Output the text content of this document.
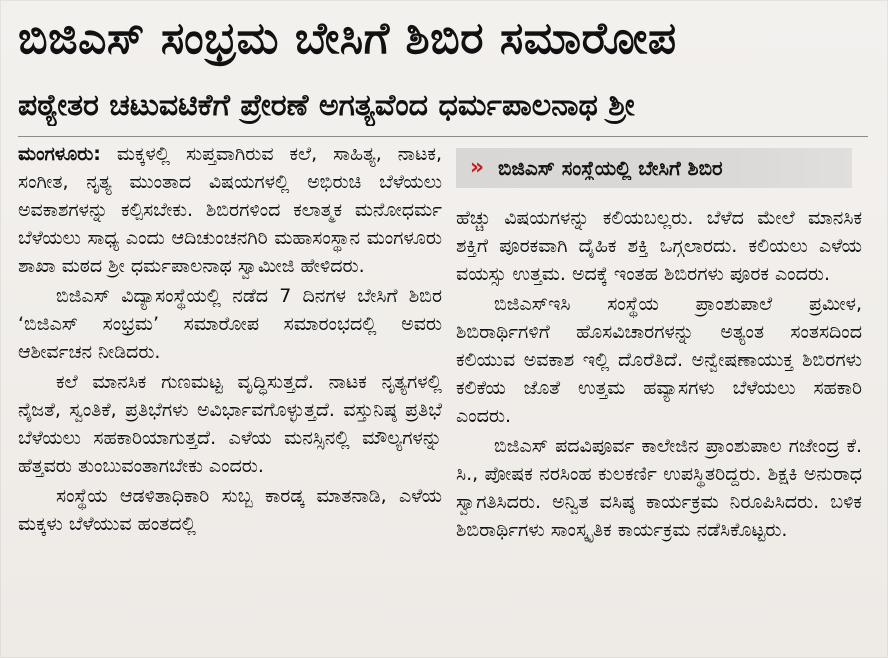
ಬಿಜಿಎಸ್ ಸಂಭ್ರಮ ಬೇಸಿಗೆ ಶಿಬಿರ ಸಮಾರೋಪ
ಪಠ್ಯೇತರ ಚಟುವಟಿಕೆಗೆ ಪ್ರೇರಣೆ ಅಗತ್ಯವೆಂದ ಧರ್ಮಪಾಲನಾಥ ಶ್ರೀ

ಮಂಗಳೂರು: ಮಕ್ಕಳಲ್ಲಿ ಸುಪ್ತವಾಗಿರುವ ಕಲೆ, ಸಾಹಿತ್ಯ, ನಾಟಕ, ಸಂಗೀತ, ನೃತ್ಯ ಮುಂತಾದ ವಿಷಯಗಳಲ್ಲಿ ಅಭಿರುಚಿ ಬೆಳೆಯಲು ಅವಕಾಶಗಳನ್ನು ಕಲ್ಪಿಸಬೇಕು. ಶಿಬಿರಗಳಿಂದ ಕಲಾತ್ಮಕ ಮನೋಧರ್ಮ ಬೆಳೆಯಲು ಸಾಧ್ಯ ಎಂದು ಆದಿಚುಂಚನಗಿರಿ ಮಹಾಸಂಸ್ಥಾನ ಮಂಗಳೂರು ಶಾಖಾ ಮಠದ ಶ್ರೀ ಧರ್ಮಪಾಲನಾಥ ಸ್ವಾಮೀಜಿ ಹೇಳಿದರು.

ಬಿಜಿಎಸ್ ವಿದ್ಯಾಸಂಸ್ಥೆಯಲ್ಲಿ ನಡೆದ 7 ದಿನಗಳ ಬೇಸಿಗೆ ಶಿಬಿರ ‘ಬಿಜಿಎಸ್ ಸಂಭ್ರಮ’ ಸಮಾರೋಪ ಸಮಾರಂಭದಲ್ಲಿ ಅವರು ಆಶೀರ್ವಚನ ನೀಡಿದರು.

ಕಲೆ ಮಾನಸಿಕ ಗುಣಮಟ್ಟ ವೃದ್ಧಿಸುತ್ತದೆ. ನಾಟಕ ನೃತ್ಯಗಳಲ್ಲಿ ನೈಜತೆ, ಸ್ವಂತಿಕೆ, ಪ್ರತಿಭೆಗಳು ಅವಿರ್ಭಾವಗೊಳ್ಳುತ್ತದೆ. ವಸ್ತುನಿಷ್ಠ ಪ್ರತಿಭೆ ಬೆಳೆಯಲು ಸಹಕಾರಿಯಾಗುತ್ತದೆ. ಎಳೆಯ ಮನಸ್ಸಿನಲ್ಲಿ ಮೌಲ್ಯಗಳನ್ನು ಹೆತ್ತವರು ತುಂಬುವಂತಾಗಬೇಕು ಎಂದರು.

ಸಂಸ್ಥೆಯ ಆಡಳಿತಾಧಿಕಾರಿ ಸುಬ್ಬ ಕಾರಡ್ಕ ಮಾತನಾಡಿ, ಎಳೆಯ ಮಕ್ಕಳು ಬೆಳೆಯುವ ಹಂತದಲ್ಲಿ

» ಬಿಜಿಎಸ್ ಸಂಸ್ಥೆಯಲ್ಲಿ ಬೇಸಿಗೆ ಶಿಬಿರ

ಹೆಚ್ಚು ವಿಷಯಗಳನ್ನು ಕಲಿಯಬಲ್ಲರು. ಬೆಳೆದ ಮೇಲೆ ಮಾನಸಿಕ ಶಕ್ತಿಗೆ ಪೂರಕವಾಗಿ ದೈಹಿಕ ಶಕ್ತಿ ಒಗ್ಗಲಾರದು. ಕಲಿಯಲು ಎಳೆಯ ವಯಸ್ಸು ಉತ್ತಮ. ಅದಕ್ಕೆ ಇಂತಹ ಶಿಬಿರಗಳು ಪೂರಕ ಎಂದರು.

ಬಿಜಿಎಸ್‌ಇಸಿ ಸಂಸ್ಥೆಯ ಪ್ರಾಂಶುಪಾಲೆ ಪ್ರಮೀಳ, ಶಿಬಿರಾರ್ಥಿಗಳಿಗೆ ಹೊಸವಿಚಾರಗಳನ್ನು ಅತ್ಯಂತ ಸಂತಸದಿಂದ ಕಲಿಯುವ ಅವಕಾಶ ಇಲ್ಲಿ ದೊರೆತಿದೆ. ಅನ್ವೇಷಣಾಯುಕ್ತ ಶಿಬಿರಗಳು ಕಲಿಕೆಯ ಜೊತೆ ಉತ್ತಮ ಹವ್ಯಾಸಗಳು ಬೆಳೆಯಲು ಸಹಕಾರಿ ಎಂದರು.

ಬಿಜಿಎಸ್ ಪದವಿಪೂರ್ವ ಕಾಲೇಜಿನ ಪ್ರಾಂಶುಪಾಲ ಗಜೇಂದ್ರ ಕೆ. ಸಿ., ಪೋಷಕ ನರಸಿಂಹ ಕುಲಕರ್ಣಿ ಉಪಸ್ಥಿತರಿದ್ದರು. ಶಿಕ್ಷಕಿ ಅನುರಾಧ ಸ್ವಾಗತಿಸಿದರು. ಅನ್ವಿತ ವಸಿಷ್ಠ ಕಾರ್ಯಕ್ರಮ ನಿರೂಪಿಸಿದರು. ಬಳಿಕ ಶಿಬಿರಾರ್ಥಿಗಳು ಸಾಂಸ್ಕೃತಿಕ ಕಾರ್ಯಕ್ರಮ ನಡೆಸಿಕೊಟ್ಟರು.
